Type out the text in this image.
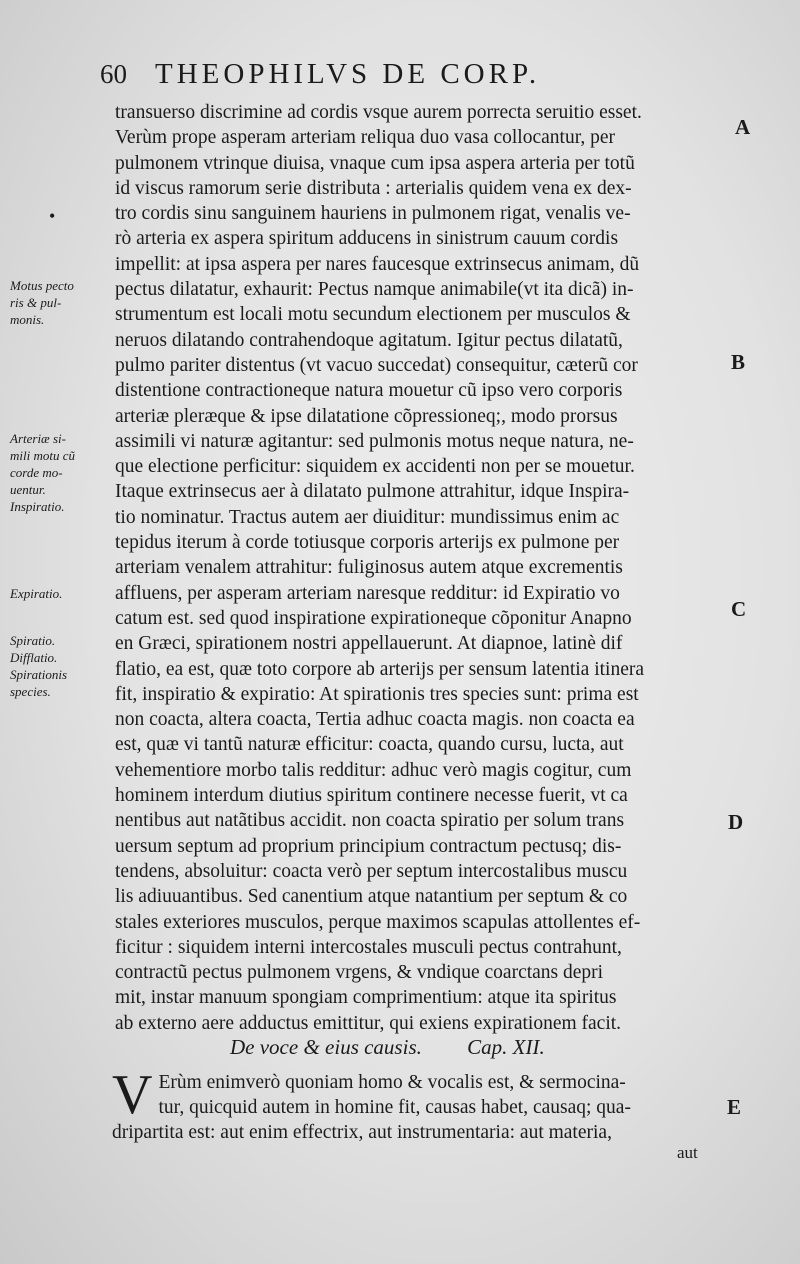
60 THEOPHILVS DE CORP.
•
transuerso discrimine ad cordis vsque aurem porrecta seruitio esset.
Verùm prope asperam arteriam reliqua duo vasa collocantur, per
pulmonem vtrinque diuisa, vnaque cum ipsa aspera arteria per totũ
id viscus ramorum serie distributa : arterialis quidem vena ex dex-
tro cordis sinu sanguinem hauriens in pulmonem rigat, venalis ve-
rò arteria ex aspera spiritum adducens in sinistrum cauum cordis
impellit: at ipsa aspera per nares faucesque extrinsecus animam, dũ
pectus dilatatur, exhaurit: Pectus namque animabile(vt ita dicã) in-
strumentum est locali motu secundum electionem per musculos &
neruos dilatando contrahendoque agitatum. Igitur pectus dilatatũ,
pulmo pariter distentus (vt vacuo succedat) consequitur, cæterũ cor
distentione contractioneque natura mouetur cũ ipso vero corporis
arteriæ pleræque & ipse dilatatione cõpressioneq;, modo prorsus
assimili vi naturæ agitantur: sed pulmonis motus neque natura, ne-
que electione perficitur: siquidem ex accidenti non per se mouetur.
Itaque extrinsecus aer à dilatato pulmone attrahitur, idque Inspira-
tio nominatur. Tractus autem aer diuiditur: mundissimus enim ac
tepidus iterum à corde totiusque corporis arterijs ex pulmone per
arteriam venalem attrahitur: fuliginosus autem atque excrementis
affluens, per asperam arteriam naresque redditur: id Expiratio vo
catum est. sed quod inspiratione expirationeque cõponitur Anapno
en Græci, spirationem nostri appellauerunt. At diapnoe, latinè dif
flatio, ea est, quæ toto corpore ab arterijs per sensum latentia itinera
fit, inspiratio & expiratio: At spirationis tres species sunt: prima est
non coacta, altera coacta, Tertia adhuc coacta magis. non coacta ea
est, quæ vi tantũ naturæ efficitur: coacta, quando cursu, lucta, aut
vehementiore morbo talis redditur: adhuc verò magis cogitur, cum
hominem interdum diutius spiritum continere necesse fuerit, vt ca
nentibus aut natãtibus accidit. non coacta spiratio per solum trans
uersum septum ad proprium principium contractum pectusq; dis-
tendens, absoluitur: coacta verò per septum intercostalibus muscu
lis adiuuantibus. Sed canentium atque natantium per septum & co
stales exteriores musculos, perque maximos scapulas attollentes ef-
ficitur : siquidem interni intercostales musculi pectus contrahunt,
contractũ pectus pulmonem vrgens, & vndique coarctans depri
mit, instar manuum spongiam comprimentium: atque ita spiritus
ab externo aere adductus emittitur, qui exiens expirationem facit.
Motus pecto
ris & pul-
monis.
Arteriæ si-
mili motu cũ
corde mo-
uentur.
Inspiratio.
Expiratio.
Spiratio.
Difflatio.
Spirationis
species.
A
B
C
D
E
De voce & eius causis. Cap. XII.
V Erùm enimverò quoniam homo & vocalis est, & sermocina-
tur, quicquid autem in homine fit, causas habet, causaq; qua-
dripartita est: aut enim effectrix, aut instrumentaria: aut materia,
aut
